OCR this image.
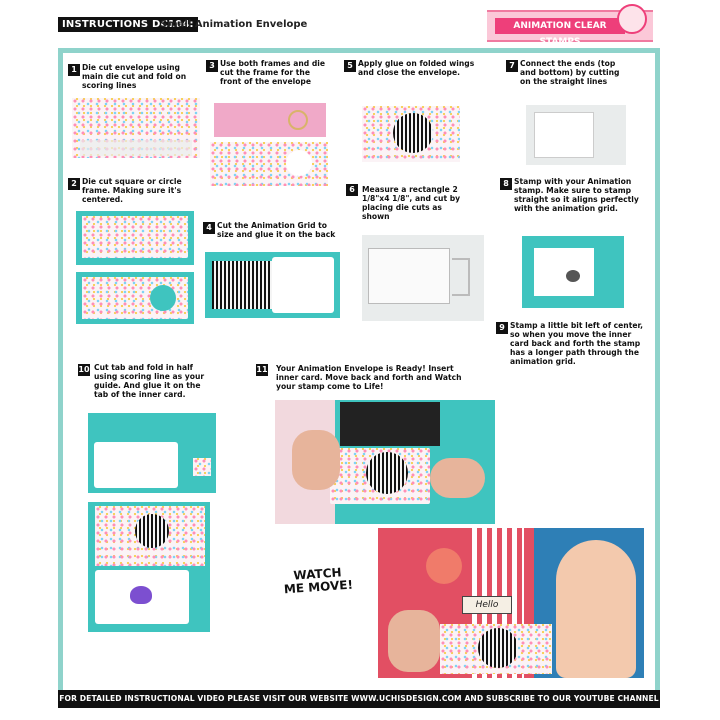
INSTRUCTIONS DC104:
Small Animation Envelope	ANIMATION CLEAR STAMPS
1 Die cut envelope using main die cut and fold on scoring lines
2 Die cut square or circle frame. Making sure it's centered.
3 Use both frames and die cut the frame for the front of the envelope
4 Cut the Animation Grid to size and glue it on the back
5 Apply glue on folded wings and close the envelope.
6 Measure a rectangle 2 1/8"x4 1/8", and cut by placing die cuts as shown
7 Connect the ends (top and bottom) by cutting on the straight lines
8 Stamp with your Animation stamp. Make sure to stamp straight so it aligns perfectly with the animation grid.
9 Stamp a little bit left of center, so when you move the inner card back and forth the stamp has a longer path through the animation grid.
10 Cut tab and fold in half using scoring line as your guide. And glue it on the tab of the inner card.
11 Your Animation Envelope is Ready! Insert inner card. Move back and forth and Watch your stamp come to Life!
WATCH ME MOVE!
Hello
FOR DETAILED INSTRUCTIONAL VIDEO PLEASE VISIT OUR WEBSITE WWW.UCHISDESIGN.COM AND SUBSCRIBE TO OUR YOUTUBE CHANNEL
